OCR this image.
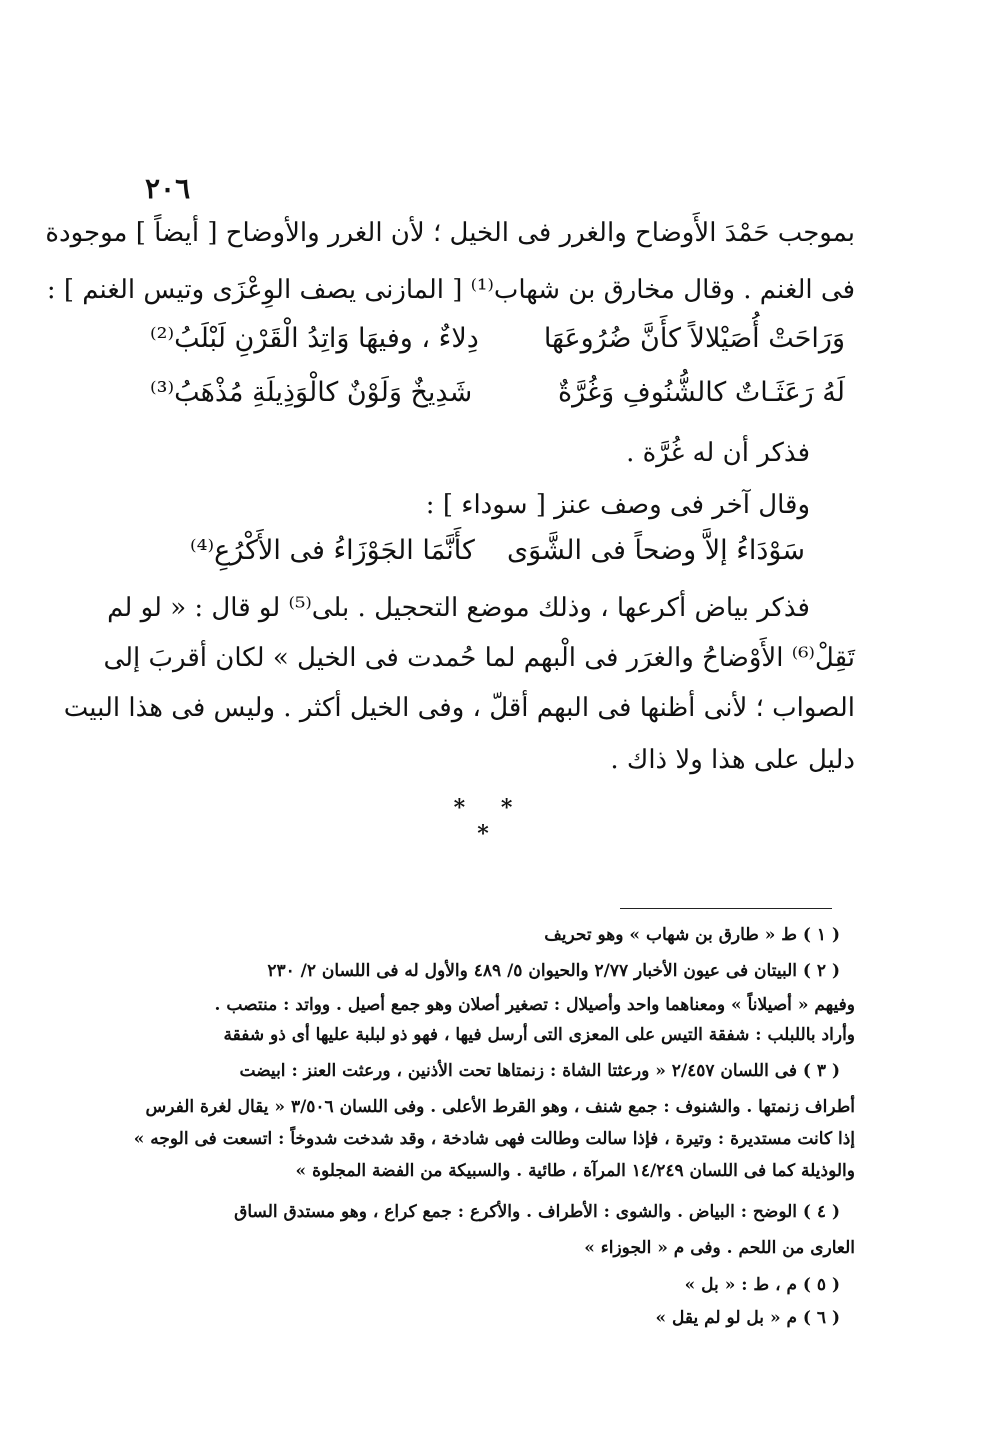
٢٠٦
بموجب حَمْدَ الأَوضاح والغرر فى الخيل ؛ لأن الغرر والأوضاح [ أيضاً ] موجودة
فى الغنم . وقال مخارق بن شهاب⁽¹⁾ [ المازنى يصف الوِعْزَى وتيس الغنم ] :
وَرَاحَتْ أُصَيْلالاً كأَنَّ ضُرُوعَهَا
دِلاءٌ ، وفيهَا وَاتِدُ الْقَرْنِ لَبْلَبُ⁽²⁾
لَهُ رَعَثَـاتٌ كالشُّنُوفِ وَغُرَّةٌ
شَدِيخٌ وَلَوْنٌ كالْوَذِيلَةِ مُذْهَبُ⁽³⁾
فذكر أن له غُرَّة .
وقال آخر فى وصف عنز [ سوداء ] :
سَوْدَاءُ إلاَّ وضحاً فى الشَّوَى
كأَنَّمَا الجَوْزَاءُ فى الأَكْرُعِ⁽⁴⁾
فذكر بياض أكرعها ، وذلك موضع التحجيل . بلى⁽⁵⁾ لو قال : « لو لم
تَقِلْ⁽⁶⁾ الأَوْضاحُ والغرَر فى الْبهم لما حُمدت فى الخيل » لكان أقربَ إلى
الصواب ؛ لأنى أظنها فى البهم أقلّ ، وفى الخيل أكثر . وليس فى هذا البيت
دليل على هذا ولا ذاك .
* * *
( ١ ) ط « طارق بن شهاب » وهو تحريف
( ٢ ) البيتان فى عيون الأخبار ٢/٧٧ والحيوان ٥/ ٤٨٩ والأول له فى اللسان ٢/ ٢٣٠
وفيهم « أصيلاناً » ومعناهما واحد وأصيلال : تصغير أصلان وهو جمع أصيل . وواتد : منتصب .
وأراد باللبلب : شفقة التيس على المعزى التى أرسل فيها ، فهو ذو لبلبة عليها أى ذو شفقة
( ٣ ) فى اللسان ٢/٤٥٧ « ورعثتا الشاة : زنمتاها تحت الأذنين ، ورعثت العنز : ابيضت
أطراف زنمتها . والشنوف : جمع شنف ، وهو القرط الأعلى . وفى اللسان ٣/٥٠٦ « يقال لغرة الفرس
إذا كانت مستديرة : وتيرة ، فإذا سالت وطالت فهى شادخة ، وقد شدخت شدوخاً : اتسعت فى الوجه »
والوذيلة كما فى اللسان ١٤/٢٤٩ المرآة ، طائية . والسبيكة من الفضة المجلوة »
( ٤ ) الوضح : البياض . والشوى : الأطراف . والأكرع : جمع كراع ، وهو مستدق الساق
العارى من اللحم . وفى م « الجوزاء »
( ٥ ) م ، ط : « بل »
( ٦ ) م « بل لو لم يقل »
